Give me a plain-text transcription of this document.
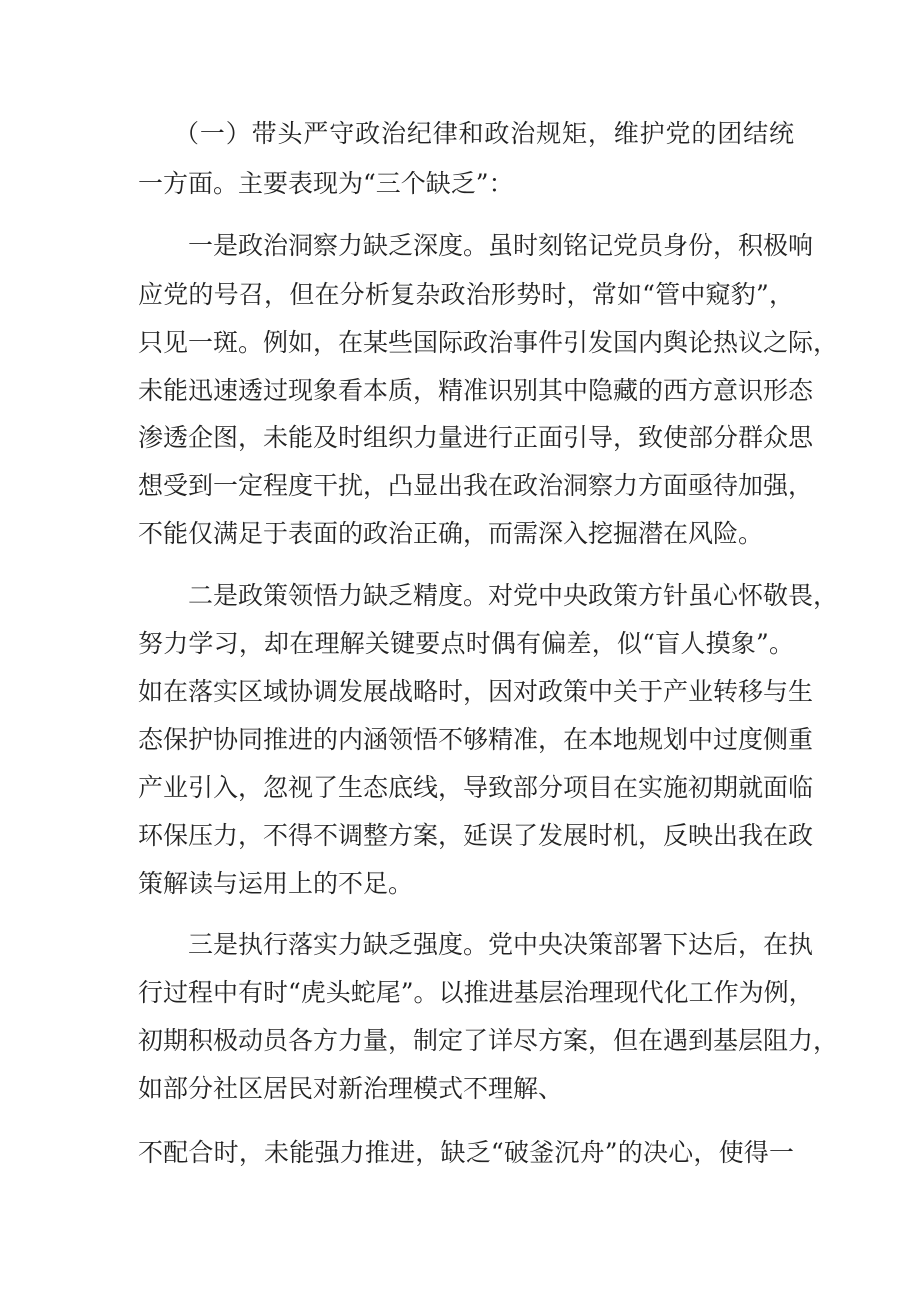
（一）带头严守政治纪律和政治规矩，维护党的团结统
一方面。主要表现为“三个缺乏”：
一是政治洞察力缺乏深度。虽时刻铭记党员身份，积极响
应党的号召，但在分析复杂政治形势时，常如“管中窥豹”，
只见一斑。例如，在某些国际政治事件引发国内舆论热议之际，
未能迅速透过现象看本质，精准识别其中隐藏的西方意识形态
渗透企图，未能及时组织力量进行正面引导，致使部分群众思
想受到一定程度干扰，凸显出我在政治洞察力方面亟待加强，
不能仅满足于表面的政治正确，而需深入挖掘潜在风险。
二是政策领悟力缺乏精度。对党中央政策方针虽心怀敬畏，
努力学习，却在理解关键要点时偶有偏差，似“盲人摸象”。
如在落实区域协调发展战略时，因对政策中关于产业转移与生
态保护协同推进的内涵领悟不够精准，在本地规划中过度侧重
产业引入，忽视了生态底线，导致部分项目在实施初期就面临
环保压力，不得不调整方案，延误了发展时机，反映出我在政
策解读与运用上的不足。
三是执行落实力缺乏强度。党中央决策部署下达后，在执
行过程中有时“虎头蛇尾”。以推进基层治理现代化工作为例，
初期积极动员各方力量，制定了详尽方案，但在遇到基层阻力，
如部分社区居民对新治理模式不理解、
不配合时，未能强力推进，缺乏“破釜沉舟”的决心，使得一
